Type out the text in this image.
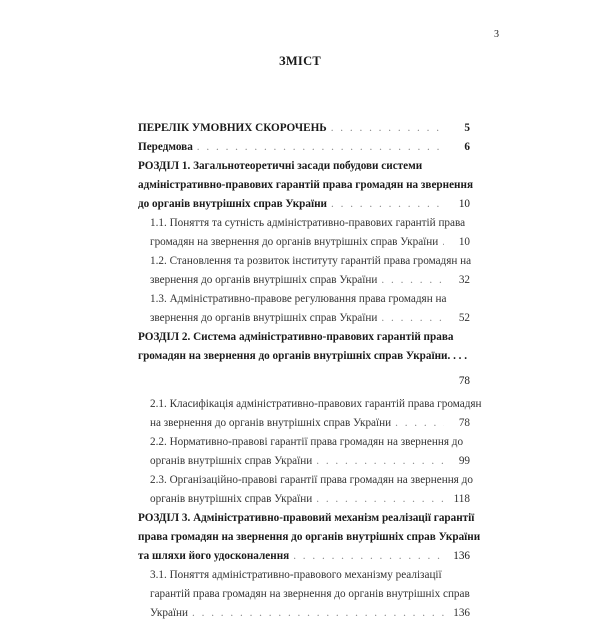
3
ЗМІСТ
ПЕРЕЛІК УМОВНИХ СКОРОЧЕНЬ . . .	5
Передмова . . .	6
РОЗДІЛ 1. Загальнотеоретичні засади побудови системи
адміністративно-правових гарантій права громадян на звернення
до органів внутрішніх справ України . . .	10
1.1. Поняття та сутність адміністративно-правових гарантій права
громадян на звернення до органів внутрішніх справ України . . .	10
1.2. Становлення та розвиток інституту гарантій права громадян на
звернення до органів внутрішніх справ України . . .	32
1.3. Адміністративно-правове регулювання права громадян на
звернення до органів внутрішніх справ України . . .	52
РОЗДІЛ 2. Система адміністративно-правових гарантій права
громадян на звернення до органів внутрішніх справ України. . . .
78
2.1. Класифікація адміністративно-правових гарантій права громадян
на звернення до органів внутрішніх справ України . . .	78
2.2. Нормативно-правові гарантії права громадян на звернення до
органів внутрішніх справ України . . .	99
2.3. Організаційно-правові гарантії права громадян на звернення до
органів внутрішніх справ України . . .	118
РОЗДІЛ 3. Адміністративно-правовий механізм реалізації гарантії
права громадян на звернення до органів внутрішніх справ України
та шляхи його удосконалення . . .	136
3.1. Поняття адміністративно-правового механізму реалізації
гарантій права громадян на звернення до органів внутрішніх справ
України . . .	136
